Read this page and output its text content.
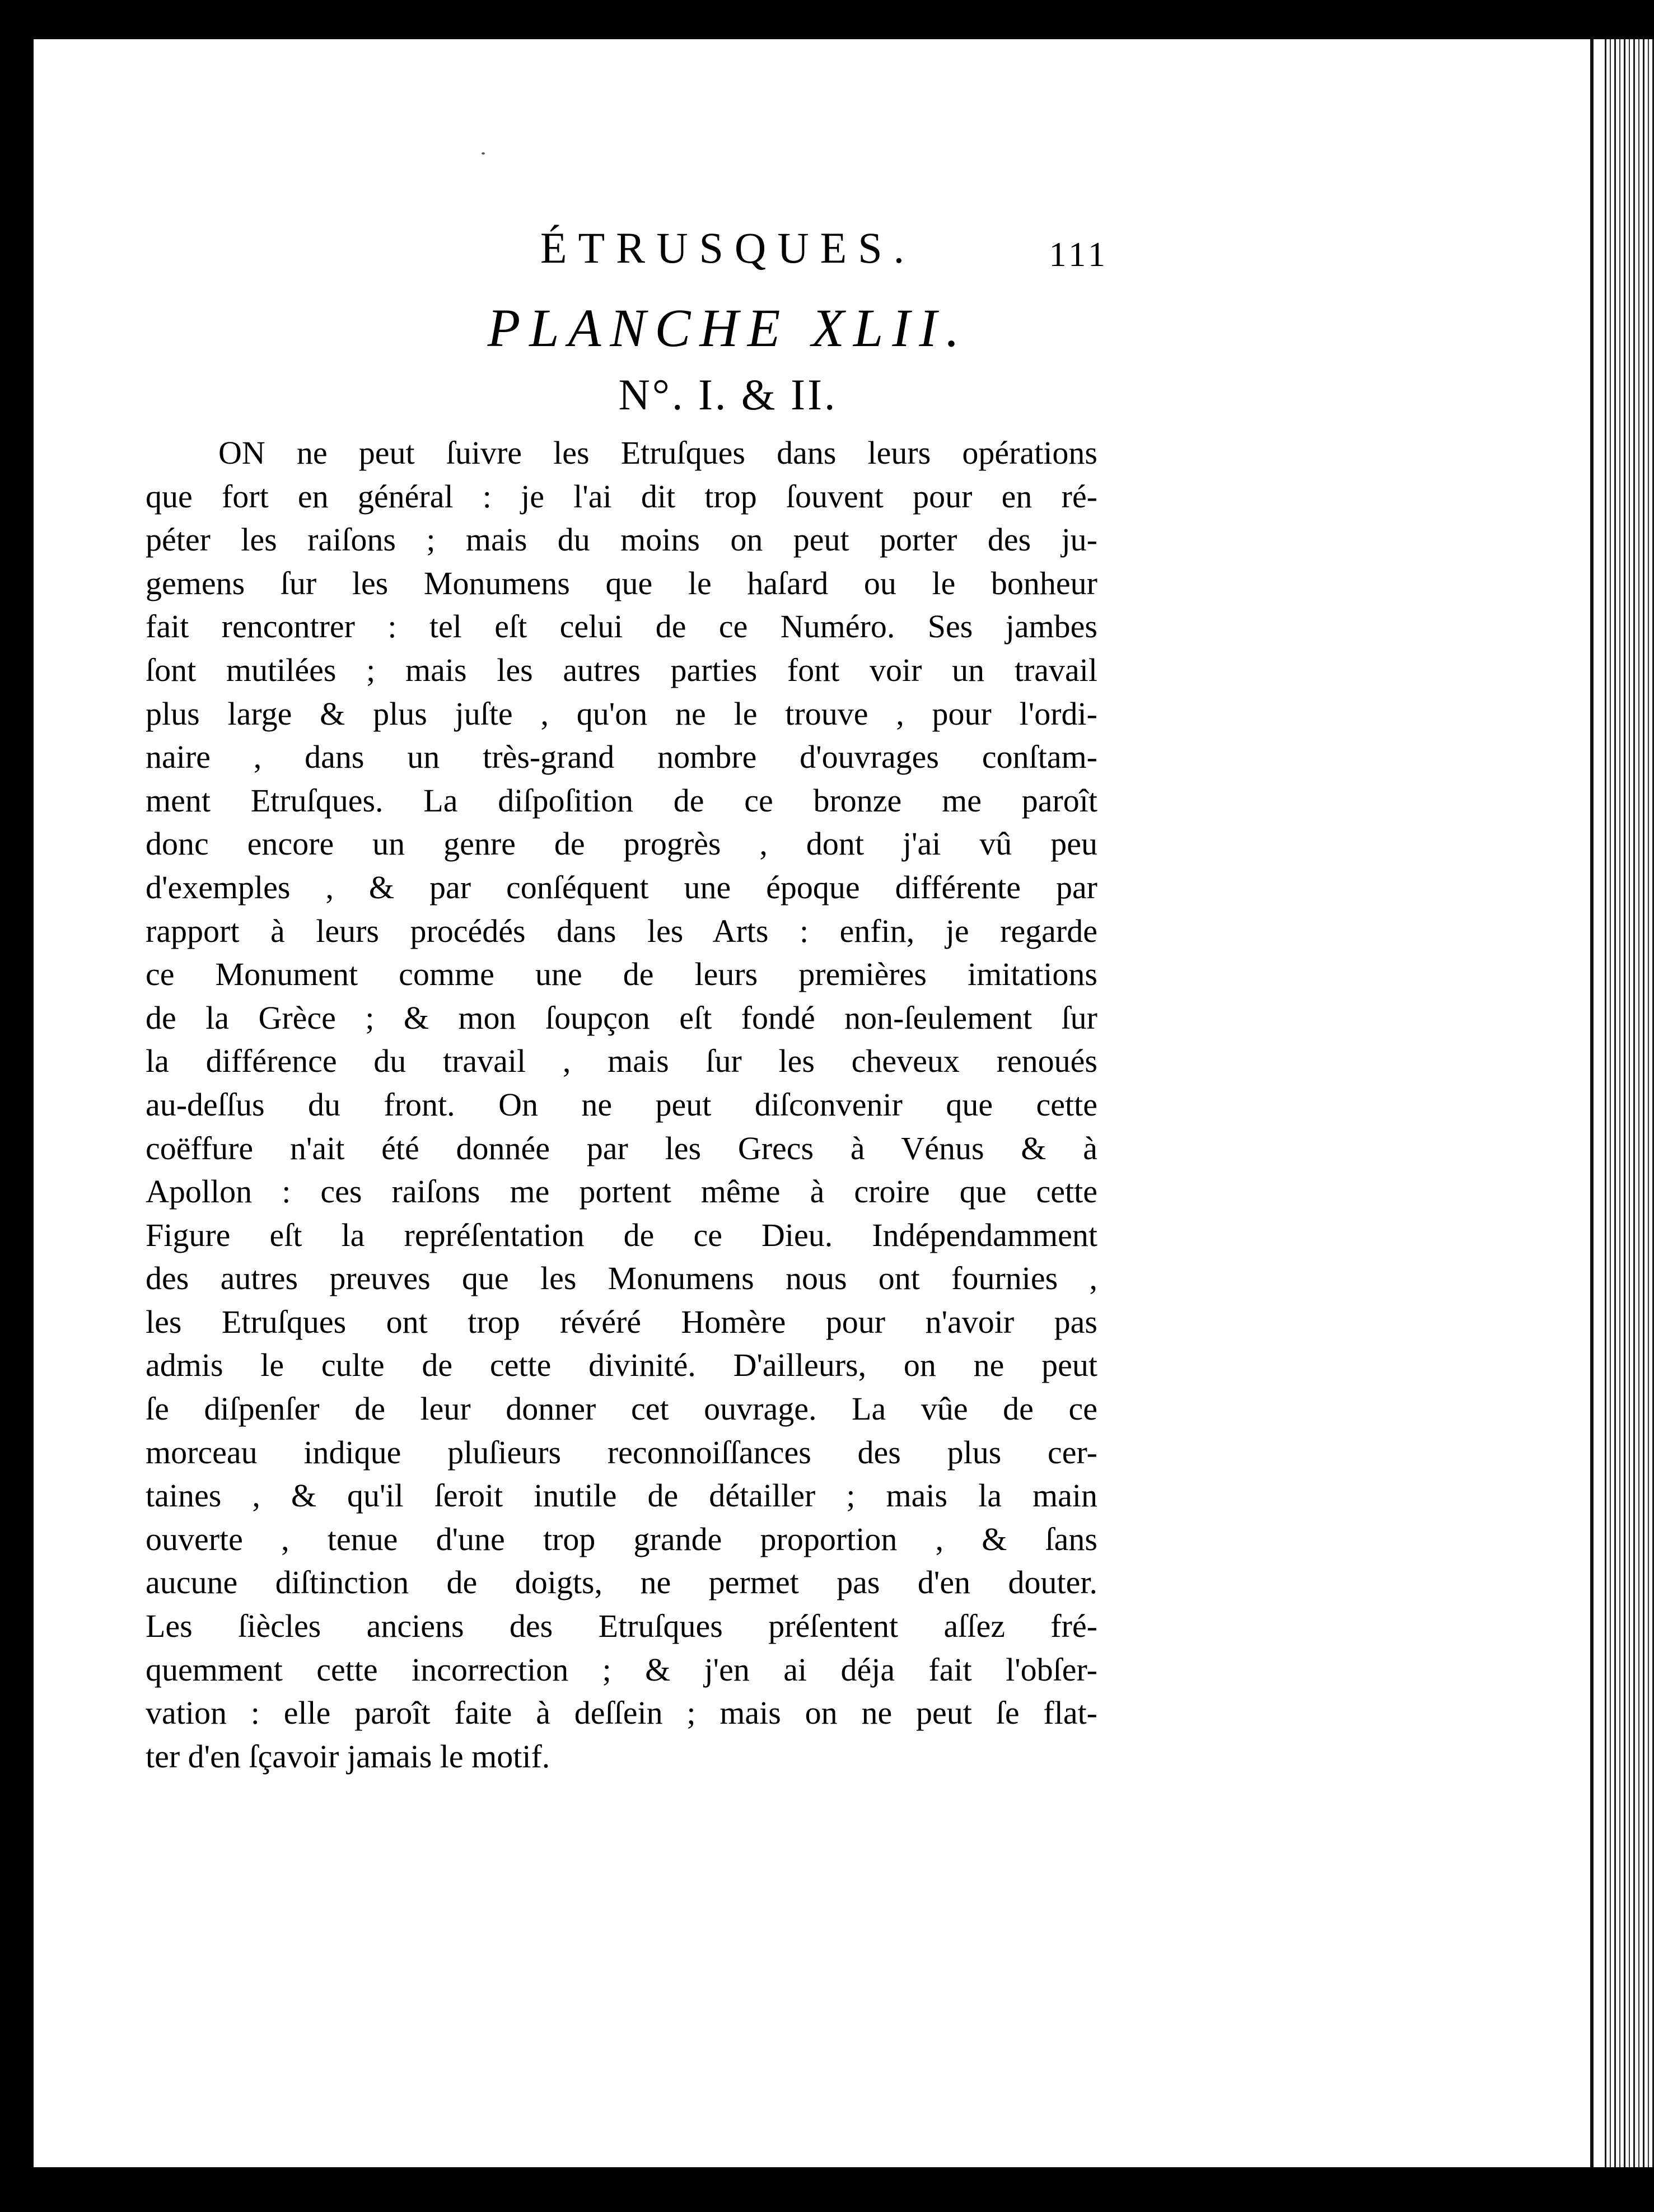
ÉTRUSQUES.	111
PLANCHE XLII.
N°. I. & II.
ON ne peut ſuivre les Etruſques dans leurs opérations
que fort en général : je l'ai dit trop ſouvent pour en ré-
péter les raiſons ; mais du moins on peut porter des ju-
gemens ſur les Monumens que le haſard ou le bonheur
fait rencontrer : tel eſt celui de ce Numéro. Ses jambes
ſont mutilées ; mais les autres parties font voir un travail
plus large & plus juſte , qu'on ne le trouve , pour l'ordi-
naire , dans un très-grand nombre d'ouvrages conſtam-
ment Etruſques. La diſpoſition de ce bronze me paroît
donc encore un genre de progrès , dont j'ai vû peu
d'exemples , & par conſéquent une époque différente par
rapport à leurs procédés dans les Arts : enfin, je regarde
ce Monument comme une de leurs premières imitations
de la Grèce ; & mon ſoupçon eſt fondé non-ſeulement ſur
la différence du travail , mais ſur les cheveux renoués
au-deſſus du front. On ne peut diſconvenir que cette
coëffure n'ait été donnée par les Grecs à Vénus & à
Apollon : ces raiſons me portent même à croire que cette
Figure eſt la repréſentation de ce Dieu. Indépendamment
des autres preuves que les Monumens nous ont fournies ,
les Etruſques ont trop révéré Homère pour n'avoir pas
admis le culte de cette divinité. D'ailleurs, on ne peut
ſe diſpenſer de leur donner cet ouvrage. La vûe de ce
morceau indique pluſieurs reconnoiſſances des plus cer-
taines , & qu'il ſeroit inutile de détailler ; mais la main
ouverte , tenue d'une trop grande proportion , & ſans
aucune diſtinction de doigts, ne permet pas d'en douter.
Les ſiècles anciens des Etruſques préſentent aſſez fré-
quemment cette incorrection ; & j'en ai déja fait l'obſer-
vation : elle paroît faite à deſſein ; mais on ne peut ſe flat-
ter d'en ſçavoir jamais le motif.
